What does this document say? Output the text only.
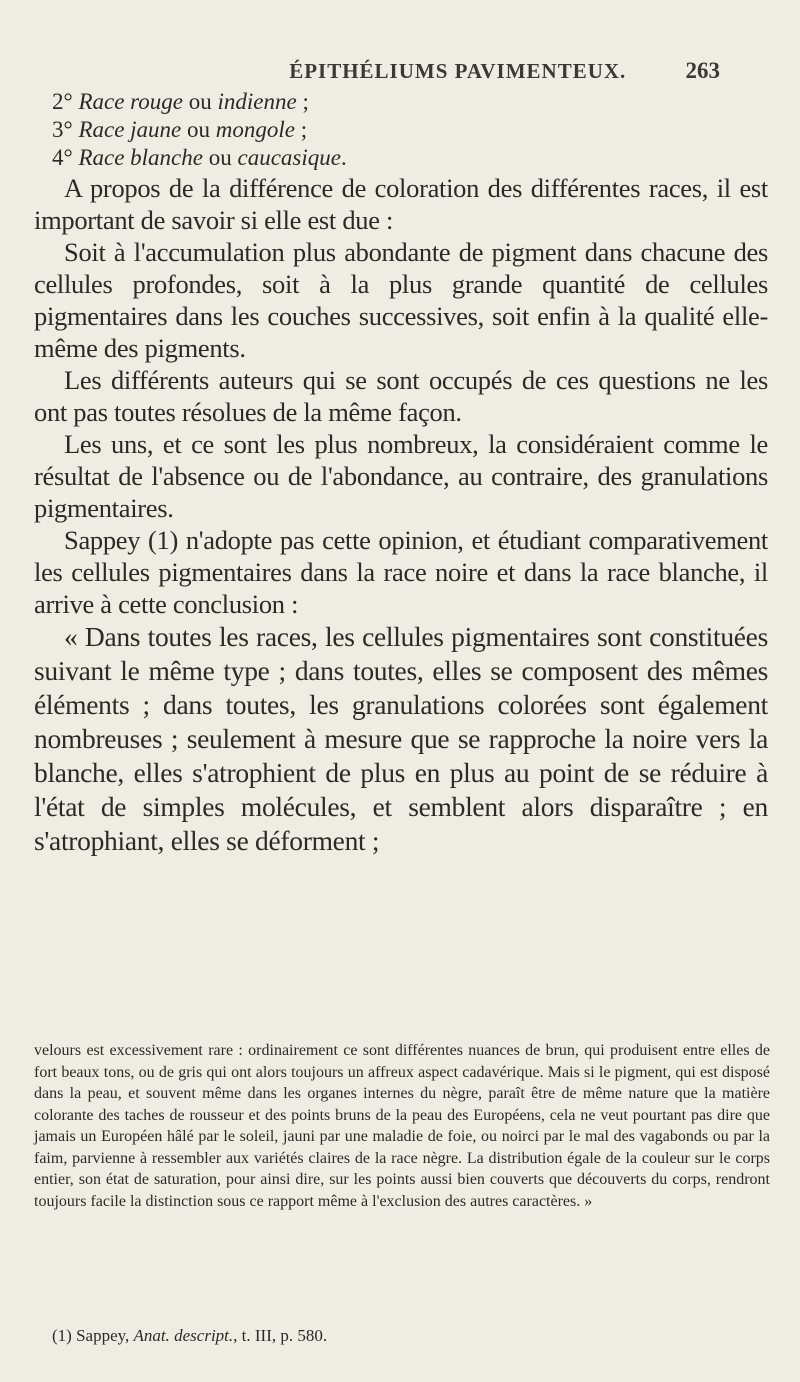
ÉPITHÉLIUMS PAVIMENTEUX.	263
2° Race rouge ou indienne ;
3° Race jaune ou mongole ;
4° Race blanche ou caucasique.

A propos de la différence de coloration des différentes races, il est important de savoir si elle est due :

Soit à l'accumulation plus abondante de pigment dans chacune des cellules profondes, soit à la plus grande quantité de cellules pigmentaires dans les couches successives, soit enfin à la qualité elle-même des pigments.

Les différents auteurs qui se sont occupés de ces questions ne les ont pas toutes résolues de la même façon.

Les uns, et ce sont les plus nombreux, la considéraient comme le résultat de l'absence ou de l'abondance, au contraire, des granulations pigmentaires.

Sappey (1) n'adopte pas cette opinion, et étudiant comparativement les cellules pigmentaires dans la race noire et dans la race blanche, il arrive à cette conclusion :

« Dans toutes les races, les cellules pigmentaires sont constituées suivant le même type ; dans toutes, elles se composent des mêmes éléments ; dans toutes, les granulations colorées sont également nombreuses ; seulement à mesure que se rapproche la noire vers la blanche, elles s'atrophient de plus en plus au point de se réduire à l'état de simples molécules, et semblent alors disparaître ; en s'atrophiant, elles se déforment ;

velours est excessivement rare : ordinairement ce sont différentes nuances de brun, qui produisent entre elles de fort beaux tons, ou de gris qui ont alors toujours un affreux aspect cadavérique. Mais si le pigment, qui est disposé dans la peau, et souvent même dans les organes internes du nègre, paraît être de même nature que la matière colorante des taches de rousseur et des points bruns de la peau des Européens, cela ne veut pourtant pas dire que jamais un Européen hâlé par le soleil, jauni par une maladie de foie, ou noirci par le mal des vagabonds ou par la faim, parvienne à ressembler aux variétés claires de la race nègre. La distribution égale de la couleur sur le corps entier, son état de saturation, pour ainsi dire, sur les points aussi bien couverts que découverts du corps, rendront toujours facile la distinction sous ce rapport même à l'exclusion des autres caractères. »

(1) Sappey, Anat. descript., t. III, p. 580.
